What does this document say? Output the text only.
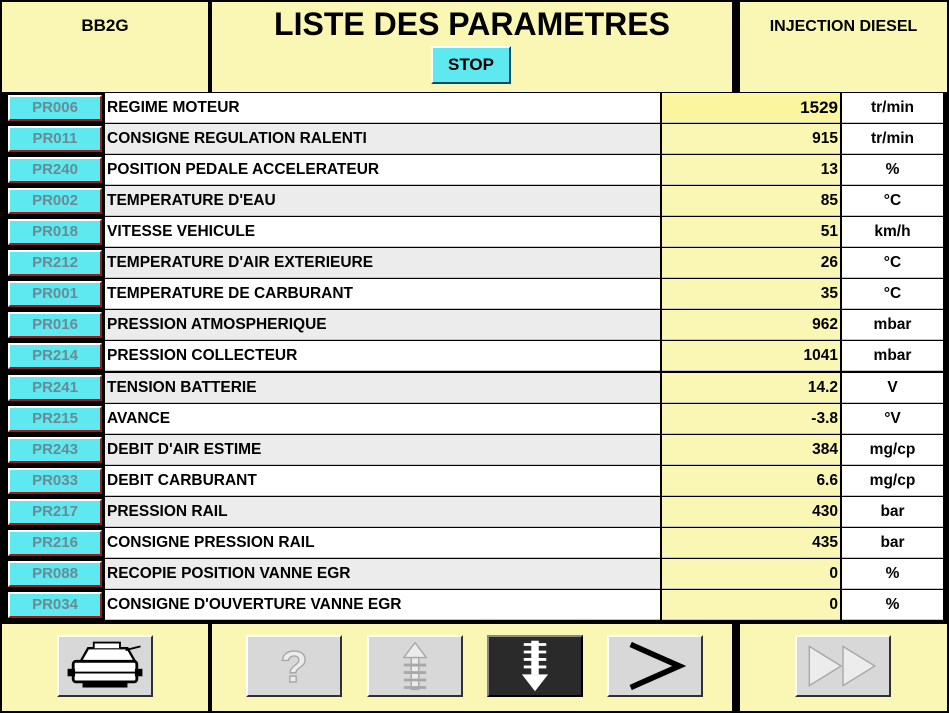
BB2G	LISTE DES PARAMETRES
STOP
INJECTION DIESEL
PR006	REGIME MOTEUR	1529	tr/min
PR011	CONSIGNE REGULATION RALENTI	915	tr/min
PR240	POSITION PEDALE ACCELERATEUR	13	%
PR002	TEMPERATURE D'EAU	85	°C
PR018	VITESSE VEHICULE	51	km/h
PR212	TEMPERATURE D'AIR EXTERIEURE	26	°C
PR001	TEMPERATURE DE CARBURANT	35	°C
PR016	PRESSION ATMOSPHERIQUE	962	mbar
PR214	PRESSION COLLECTEUR	1041	mbar
PR241	TENSION BATTERIE	14.2	V
PR215	AVANCE	-3.8	°V
PR243	DEBIT D'AIR ESTIME	384	mg/cp
PR033	DEBIT CARBURANT	6.6	mg/cp
PR217	PRESSION RAIL	430	bar
PR216	CONSIGNE PRESSION RAIL	435	bar
PR088	RECOPIE POSITION VANNE EGR	0	%
PR034	CONSIGNE D'OUVERTURE VANNE EGR	0	%
?
